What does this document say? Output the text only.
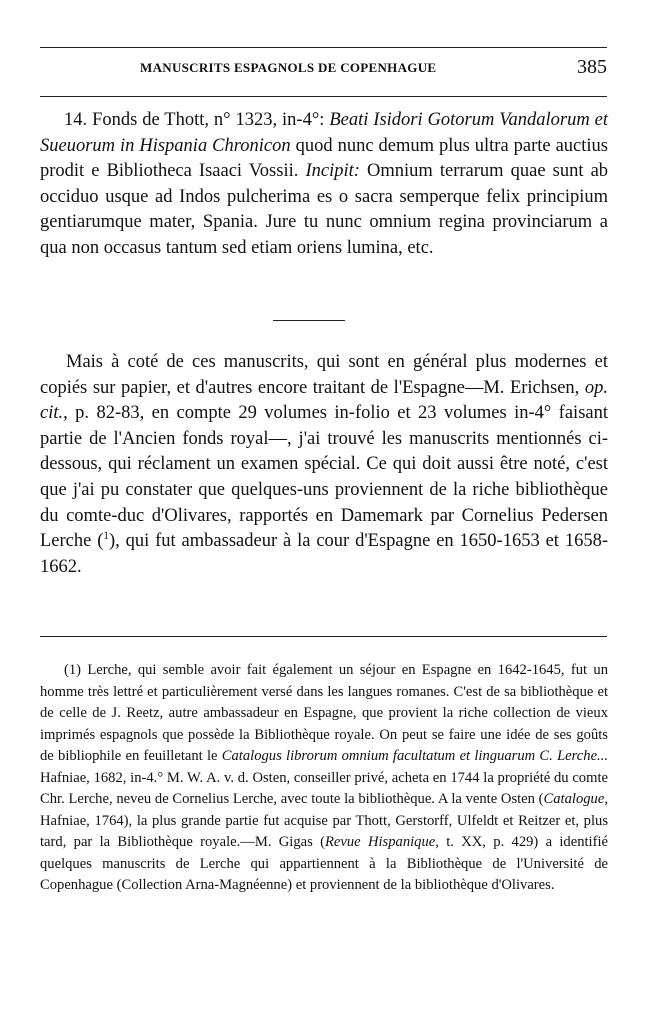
MANUSCRITS ESPAGNOLS DE COPENHAGUE	385

14. Fonds de Thott, n° 1323, in-4°: Beati Isidori Gotorum Vandalorum et Sueuorum in Hispania Chronicon quod nunc demum plus ultra parte auctius prodit e Bibliotheca Isaaci Vossii. Incipit: Omnium terrarum quae sunt ab occiduo usque ad Indos pulcherima es o sacra semperque felix principium gentiarumque mater, Spania. Jure tu nunc omnium regina provinciarum a qua non occasus tantum sed etiam oriens lumina, etc.

Mais à coté de ces manuscrits, qui sont en général plus modernes et copiés sur papier, et d'autres encore traitant de l'Espagne—M. Erichsen, op. cit., p. 82-83, en compte 29 volumes in-folio et 23 volumes in-4° faisant partie de l'Ancien fonds royal—, j'ai trouvé les manuscrits mentionnés ci-dessous, qui réclament un examen spécial. Ce qui doit aussi être noté, c'est que j'ai pu constater que quelques-uns proviennent de la riche bibliothèque du comte-duc d'Olivares, rapportés en Damemark par Cornelius Pedersen Lerche ($^1$), qui fut ambassadeur à la cour d'Espagne en 1650-1653 et 1658-1662.

(1) Lerche, qui semble avoir fait également un séjour en Espagne en 1642-1645, fut un homme très lettré et particulièrement versé dans les langues romanes. C'est de sa bibliothèque et de celle de J. Reetz, autre ambassadeur en Espagne, que provient la riche collection de vieux imprimés espagnols que possède la Bibliothèque royale. On peut se faire une idée de ses goûts de bibliophile en feuilletant le Catalogus librorum omnium facultatum et linguarum C. Lerche... Hafniae, 1682, in-4.° M. W. A. v. d. Osten, conseiller privé, acheta en 1744 la propriété du comte Chr. Lerche, neveu de Cornelius Lerche, avec toute la bibliothèque. A la vente Osten (Catalogue, Hafniae, 1764), la plus grande partie fut acquise par Thott, Gerstorff, Ulfeldt et Reitzer et, plus tard, par la Bibliothèque royale.—M. Gigas (Revue Hispanique, t. XX, p. 429) a identifié quelques manuscrits de Lerche qui appartiennent à la Bibliothèque de l'Université de Copenhague (Collection Arna-Magnéenne) et proviennent de la bibliothèque d'Olivares.
